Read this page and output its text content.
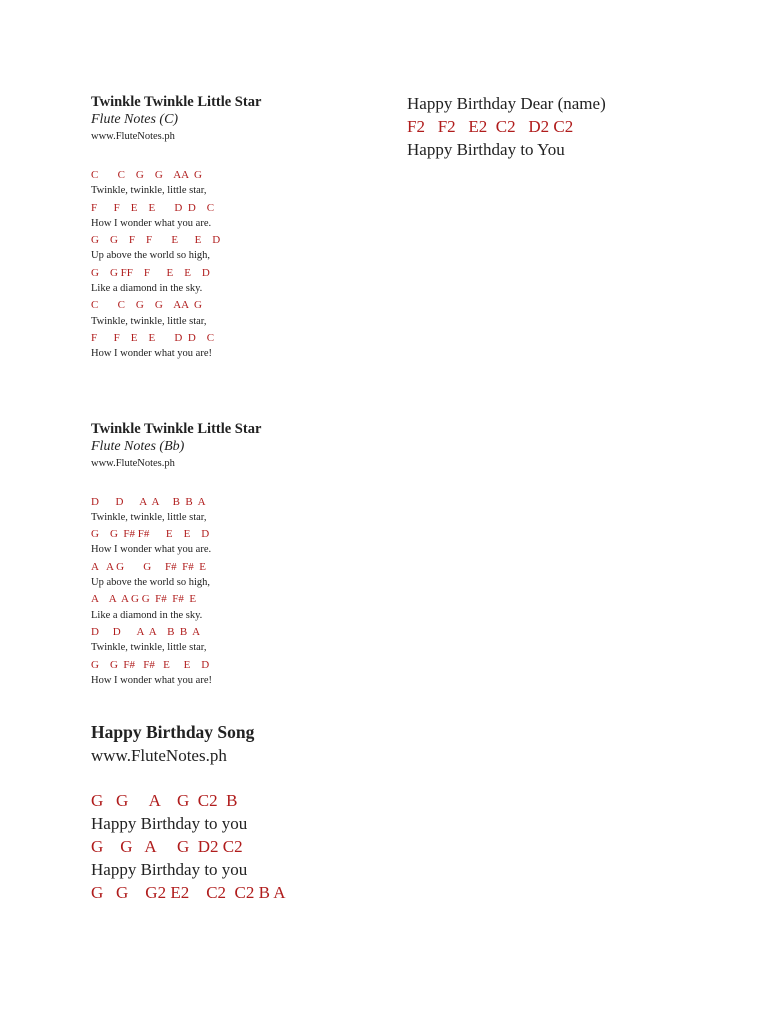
Twinkle Twinkle Little Star
Flute Notes (C)
www.FluteNotes.ph
C       C    G    G    AA  G
Twinkle, twinkle, little star,
F      F    E    E       D  D    C
How I wonder what you are.
G    G    F    F       E      E    D
Up above the world so high,
G    G FF    F      E    E    D
Like a diamond in the sky.
C       C    G    G    AA  G
Twinkle, twinkle, little star,
F      F    E    E       D  D    C
How I wonder what you are!
Twinkle Twinkle Little Star
Flute Notes (Bb)
www.FluteNotes.ph
D      D      A  A     B  B  A
Twinkle, twinkle, little star,
G    G  F# F#      E    E    D
How I wonder what you are.
A   A G       G     F#  F#  E
Up above the world so high,
A    A  A G G  F#  F#  E
Like a diamond in the sky.
D     D      A  A    B  B  A
Twinkle, twinkle, little star,
G    G  F#   F#   E     E    D
How I wonder what you are!
Happy Birthday Song
www.FluteNotes.ph
G   G     A    G  C2  B
Happy Birthday to you
G    G   A     G  D2 C2
Happy Birthday to you
G   G    G2 E2    C2  C2 B A
Happy Birthday Dear (name)
F2   F2   E2  C2   D2 C2
Happy Birthday to You
